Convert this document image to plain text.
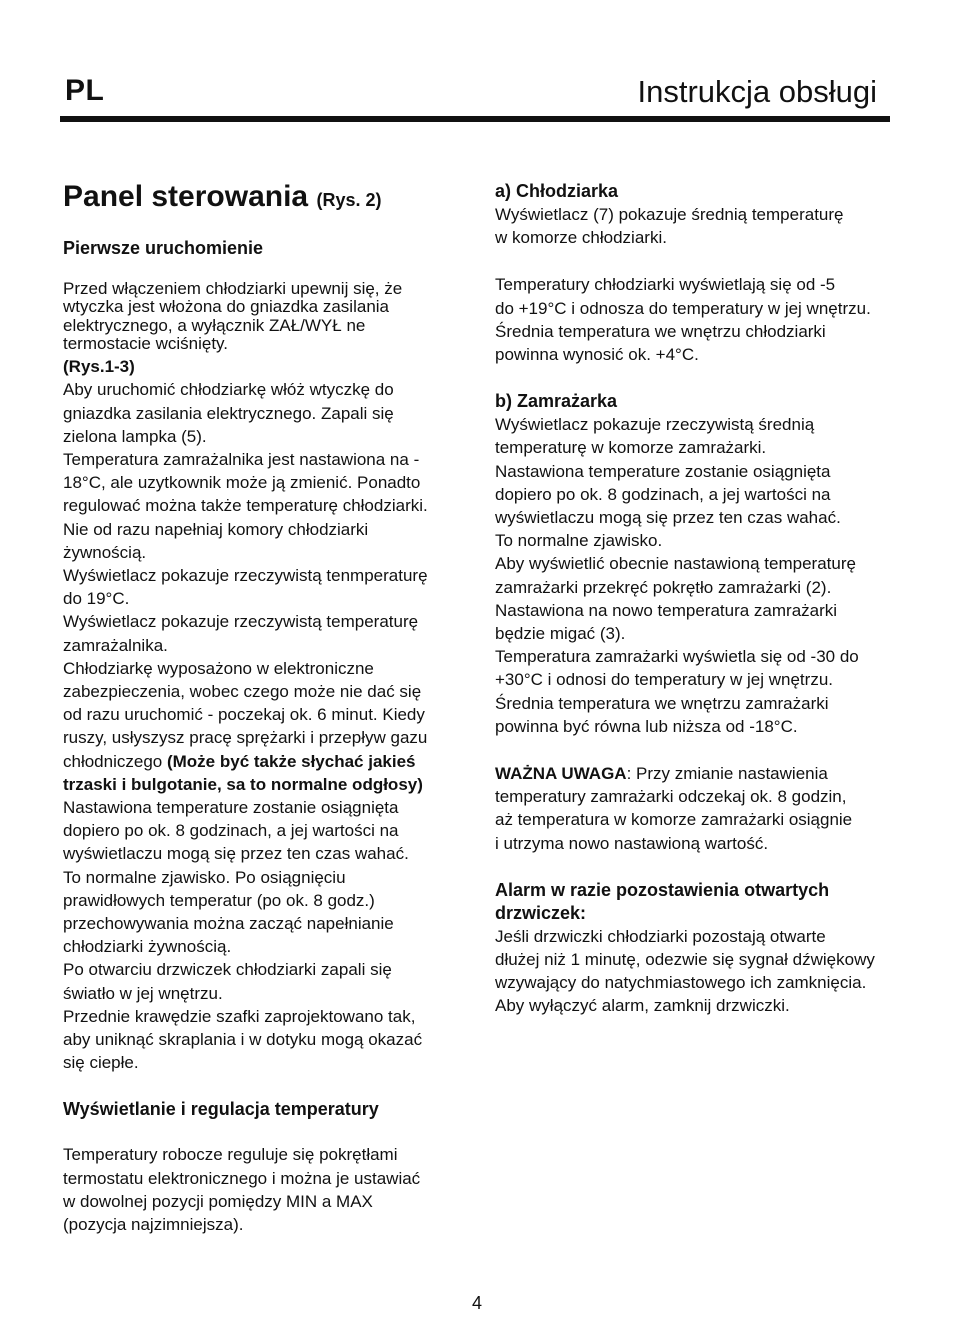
PL	Instrukcja obsługi
Panel sterowania (Rys. 2)
Pierwsze uruchomienie

Przed włączeniem chłodziarki upewnij się, że

wtyczka jest włożona do gniazdka zasilania

elektrycznego, a wyłącznik ZAŁ/WYŁ ne

termostacie wciśnięty.

(Rys.1-3)

Aby uruchomić chłodziarkę włóż wtyczkę do

gniazdka zasilania elektrycznego. Zapali się

zielona lampka (5).

Temperatura zamrażalnika jest nastawiona na -

18°C, ale uzytkownik może ją zmienić. Ponadto

regulować można także temperaturę chłodziarki.

Nie od razu napełniaj komory chłodziarki

żywnością.

Wyświetlacz pokazuje rzeczywistą tenmperaturę

do 19°C.

Wyświetlacz pokazuje rzeczywistą temperaturę

zamrażalnika.

Chłodziarkę wyposażono w elektroniczne

zabezpieczenia, wobec czego może nie dać się

od razu uruchomić - poczekaj ok. 6 minut. Kiedy

ruszy, usłyszysz pracę sprężarki i przepływ gazu

chłodniczego (Może być także słychać jakieś

trzaski i bulgotanie, sa to normalne odgłosy)

Nastawiona temperature zostanie osiągnięta

dopiero po ok. 8 godzinach, a jej wartości na

wyświetlaczu mogą się przez ten czas wahać.

To normalne zjawisko. Po osiągnięciu

prawidłowych temperatur (po ok. 8 godz.)

przechowywania można zacząć napełnianie

chłodziarki żywnością.

Po otwarciu drzwiczek chłodziarki zapali się

światło w jej wnętrzu.

Przednie krawędzie szafki zaprojektowano tak,

aby uniknąć skraplania i w dotyku mogą okazać

się ciepłe.

Wyświetlanie i regulacja temperatury

Temperatury robocze reguluje się pokrętłami

termostatu elektronicznego i można je ustawiać

w dowolnej pozycji pomiędzy MIN a MAX

(pozycja najzimniejsza).

a) Chłodziarka

Wyświetlacz (7) pokazuje średnią temperaturę

w komorze chłodziarki.

Temperatury chłodziarki wyświetlają się od -5

do +19°C i odnosza do temperatury w jej wnętrzu.

Średnia temperatura we wnętrzu chłodziarki

powinna wynosić ok. +4°C.

b) Zamrażarka

Wyświetlacz pokazuje rzeczywistą średnią

temperaturę w komorze zamrażarki.

Nastawiona temperature zostanie osiągnięta

dopiero po ok. 8 godzinach, a jej wartości na

wyświetlaczu mogą się przez ten czas wahać.

To normalne zjawisko.

Aby wyświetlić obecnie nastawioną temperaturę

zamrażarki przekręć pokrętło zamrażarki (2).

Nastawiona na nowo temperatura zamrażarki

będzie migać (3).

Temperatura zamrażarki wyświetla się od -30 do

+30°C i odnosi do temperatury w jej wnętrzu.

Średnia temperatura we wnętrzu zamrażarki

powinna być równa lub niższa od -18°C.

WAŻNA UWAGA: Przy zmianie nastawienia

temperatury zamrażarki odczekaj ok. 8 godzin,

aż temperatura w komorze zamrażarki osiągnie

i utrzyma nowo nastawioną wartość.

Alarm w razie pozostawienia otwartych
drzwiczek:

Jeśli drzwiczki chłodziarki pozostają otwarte

dłużej niż 1 minutę, odezwie się sygnał dźwiękowy

wzywający do natychmiastowego ich zamknięcia.

Aby wyłączyć alarm, zamknij drzwiczki.

4
